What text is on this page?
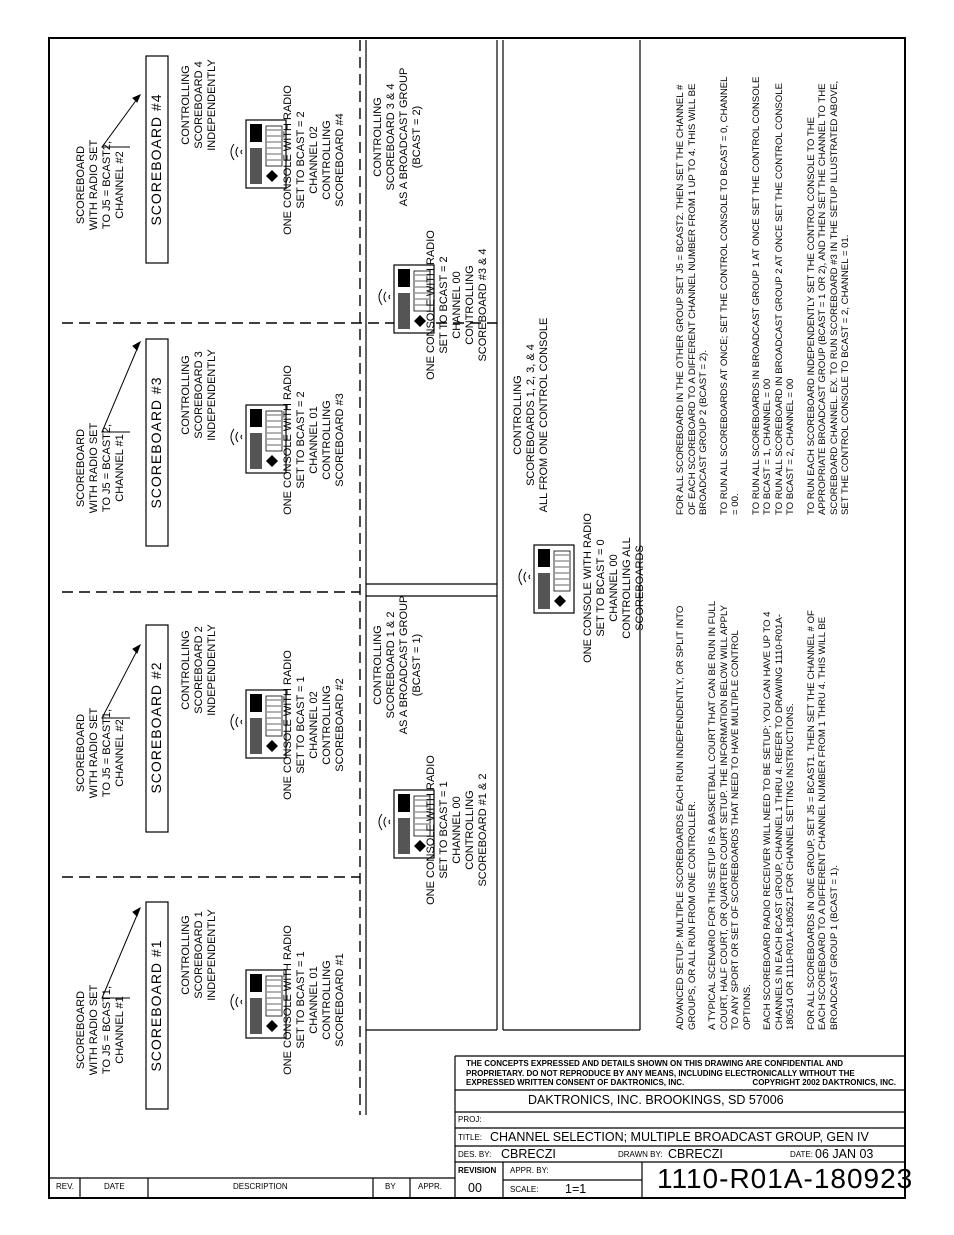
SCOREBOARD
WITH RADIO SET
TO J5 = BCAST2,
CHANNEL #2 SCOREBOARD #4 CONTROLLING
SCOREBOARD 4
INDEPENDENTLY
ONE CONSOLE WITH RADIO
SET TO BCAST = 2
CHANNEL 02
CONTROLLING
SCOREBOARD #4
SCOREBOARD
WITH RADIO SET
TO J5 = BCAST2,
CHANNEL #1 SCOREBOARD #3 CONTROLLING
SCOREBOARD 3
INDEPENDENTLY
ONE CONSOLE WITH RADIO
SET TO BCAST = 2
CHANNEL 01
CONTROLLING
SCOREBOARD #3
SCOREBOARD
WITH RADIO SET
TO J5 = BCAST1,
CHANNEL #2 SCOREBOARD #2 CONTROLLING
SCOREBOARD 2
INDEPENDENTLY
ONE CONSOLE WITH RADIO
SET TO BCAST = 1
CHANNEL 02
CONTROLLING
SCOREBOARD #2
SCOREBOARD
WITH RADIO SET
TO J5 = BCAST1,
CHANNEL #1 SCOREBOARD #1 CONTROLLING
SCOREBOARD 1
INDEPENDENTLY
ONE CONSOLE WITH RADIO
SET TO BCAST = 1
CHANNEL 01
CONTROLLING
SCOREBOARD #1
CONTROLLING
SCOREBOARD 3 & 4
AS A BROADCAST GROUP
(BCAST = 2)
ONE CONSOLE WITH RADIO
SET TO BCAST = 2
CHANNEL 00
CONTROLLING
SCOREBOARD #3 & 4
CONTROLLING
SCOREBOARD 1 & 2
AS A BROADCAST GROUP
(BCAST = 1)
ONE CONSOLE WITH RADIO
SET TO BCAST = 1
CHANNEL 00
CONTROLLING
SCOREBOARD #1 & 2
CONTROLLING
SCOREBOARDS 1, 2, 3, & 4
ALL FROM ONE CONTROL CONSOLE
ONE CONSOLE WITH RADIO
SET TO BCAST = 0
CHANNEL 00
CONTROLLING ALL
SCOREBOARDS

ADVANCED SETUP: MULTIPLE SCOREBOARDS EACH RUN INDEPENDENTLY, OR SPLIT INTO GROUPS, OR ALL RUN FROM ONE CONTROLLER. A TYPICAL SCENARIO FOR THIS SETUP IS A BASKETBALL COURT THAT CAN BE RUN IN FULL COURT, HALF COURT, OR QUARTER COURT SETUP. THE INFORMATION BELOW WILL APPLY TO ANY SPORT OR SET OF SCOREBOARDS THAT NEED TO HAVE MULTIPLE CONTROL OPTIONS. EACH SCOREBOARD RADIO RECEIVER WILL NEED TO BE SETUP; YOU CAN HAVE UP TO 4 CHANNELS IN EACH BCAST GROUP, CHANNEL 1 THRU 4. REFER TO DRAWING 1110-R01A-180514 OR 1110-R01A-180521 FOR CHANNEL SETTING INSTRUCTIONS. FOR ALL SCOREBOARDS IN ONE GROUP, SET J5 = BCAST1. THEN SET THE CHANNEL # OF EACH SCOREBOARD TO A DIFFERENT CHANNEL NUMBER FROM 1 THRU 4. THIS WILL BE BROADCAST GROUP 1 (BCAST = 1).

FOR ALL SCOREBOARD IN THE OTHER GROUP SET J5 = BCAST2. THEN SET THE CHANNEL # OF EACH SCOREBOARD TO A DIFFERENT CHANNEL NUMBER FROM 1 UP TO 4. THIS WILL BE BROADCAST GROUP 2 (BCAST = 2). TO RUN ALL SCOREBOARDS AT ONCE; SET THE CONTROL CONSOLE TO BCAST = 0, CHANNEL = 00. TO RUN ALL SCOREBOARDS IN BROADCAST GROUP 1 AT ONCE SET THE CONTROL CONSOLE TO BCAST = 1, CHANNEL = 00
TO RUN ALL SCOREBOARD IN BROADCAST GROUP 2 AT ONCE SET THE CONTROL CONSOLE TO BCAST = 2, CHANNEL = 00 TO RUN EACH SCOREBOARD INDEPENDENTLY SET THE CONTROL CONSOLE TO THE APPROPRIATE BROADCAST GROUP (BCAST = 1 OR 2), AND THEN SET THE CHANNEL TO THE SCOREBOARD CHANNEL. EX. TO RUN SCOREBOARD #3 IN THE SETUP ILLUSTRATED ABOVE, SET THE CONTROL CONSOLE TO BCAST = 2, CHANNEL = 01.

THE CONCEPTS EXPRESSED AND DETAILS SHOWN ON THIS DRAWING ARE CONFIDENTIAL AND PROPRIETARY. DO NOT REPRODUCE BY ANY MEANS, INCLUDING ELECTRONICALLY WITHOUT THE EXPRESSED WRITTEN CONSENT OF DAKTRONICS, INC.	COPYRIGHT 2002 DAKTRONICS, INC.
DAKTRONICS, INC. BROOKINGS, SD 57006
PROJ:
TITLE: CHANNEL SELECTION; MULTIPLE BROADCAST GROUP, GEN IV
DES. BY: CBRECZI	DRAWN BY: CBRECZI	DATE: 06 JAN 03
REVISION
00
APPR. BY:
SCALE: 1=1	1110-R01A-180923
REV.	DATE	DESCRIPTION	BY	APPR.
